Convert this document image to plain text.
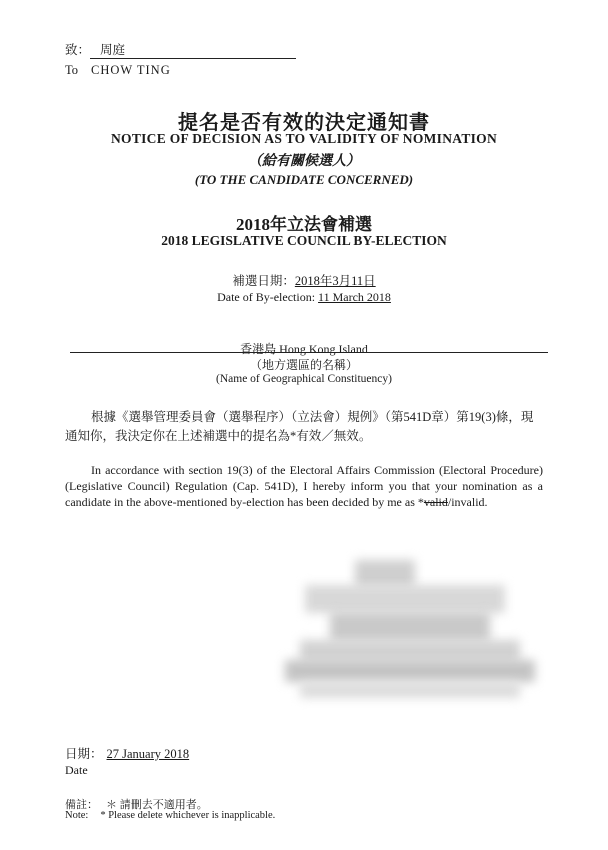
致： 周庭
To CHOW TING
提名是否有效的決定通知書
NOTICE OF DECISION AS TO VALIDITY OF NOMINATION
（給有關候選人）
(TO THE CANDIDATE CONCERNED)
2018年立法會補選
2018 LEGISLATIVE COUNCIL BY-ELECTION
補選日期：2018年3月11日
Date of By-election: 11 March 2018
香港島 Hong Kong Island
（地方選區的名稱）
(Name of Geographical Constituency)
根據《選舉管理委員會（選舉程序）（立法會）規例》（第541D章）第19(3)條，現通知你，我決定你在上述補選中的提名為*有效／無效。
In accordance with section 19(3) of the Electoral Affairs Commission (Electoral Procedure) (Legislative Council) Regulation (Cap. 541D), I hereby inform you that your nomination as a candidate in the above-mentioned by-election has been decided by me as *valid/invalid.
日期： 27 January 2018
Date
備註： ＊ 請刪去不適用者。
Note: * Please delete whichever is inapplicable.
